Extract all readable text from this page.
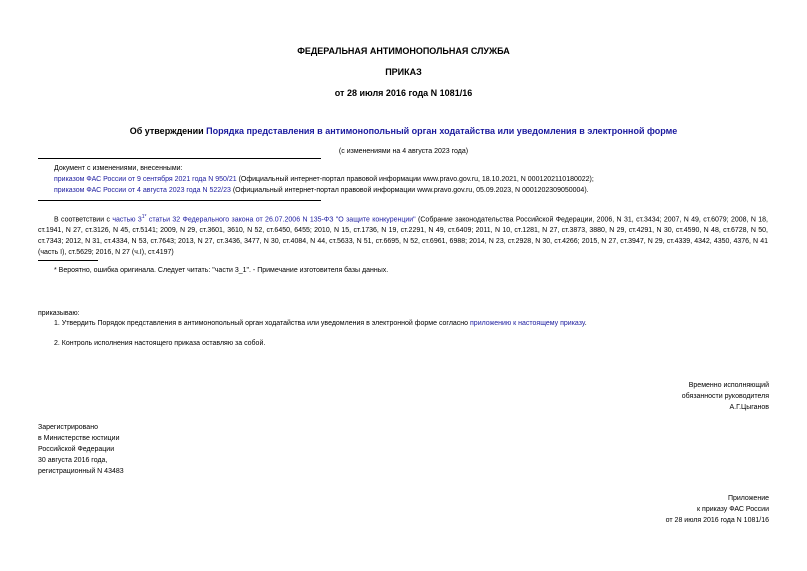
ФЕДЕРАЛЬНАЯ АНТИМОНОПОЛЬНАЯ СЛУЖБА
ПРИКАЗ
от 28 июля 2016 года N 1081/16
Об утверждении Порядка представления в антимонопольный орган ходатайства или уведомления в электронной форме
(с изменениями на 4 августа 2023 года)
Документ с изменениями, внесенными:
приказом ФАС России от 9 сентября 2021 года N 950/21 (Официальный интернет-портал правовой информации www.pravo.gov.ru, 18.10.2021, N 0001202110180022);
приказом ФАС России от 4 августа 2023 года N 522/23 (Официальный интернет-портал правовой информации www.pravo.gov.ru, 05.09.2023, N 0001202309050004).
В соответствии с частью $3^{1*}$ статьи 32 Федерального закона от 26.07.2006 N 135-ФЗ "О защите конкуренции" (Собрание законодательства Российской Федерации, 2006, N 31, ст.3434; 2007, N 49, ст.6079; 2008, N 18, ст.1941, N 27, ст.3126, N 45, ст.5141; 2009, N 29, ст.3601, 3610, N 52, ст.6450, 6455; 2010, N 15, ст.1736, N 19, ст.2291, N 49, ст.6409; 2011, N 10, ст.1281, N 27, ст.3873, 3880, N 29, ст.4291, N 30, ст.4590, N 48, ст.6728, N 50, ст.7343; 2012, N 31, ст.4334, N 53, ст.7643; 2013, N 27, ст.3436, 3477, N 30, ст.4084, N 44, ст.5633, N 51, ст.6695, N 52, ст.6961, 6988; 2014, N 23, ст.2928, N 30, ст.4266; 2015, N 27, ст.3947, N 29, ст.4339, 4342, 4350, 4376, N 41 (часть I), ст.5629; 2016, N 27 (ч.I), ст.4197)
* Вероятно, ошибка оригинала. Следует читать: "части 3_1". - Примечание изготовителя базы данных.
приказываю:
1. Утвердить Порядок представления в антимонопольный орган ходатайства или уведомления в электронной форме согласно приложению к настоящему приказу.
2. Контроль исполнения настоящего приказа оставляю за собой.
Временно исполняющий
обязанности руководителя
А.Г.Цыганов
Зарегистрировано
в Министерстве юстиции
Российской Федерации
30 августа 2016 года,
регистрационный N 43483
Приложение
к приказу ФАС России
от 28 июля 2016 года N 1081/16
